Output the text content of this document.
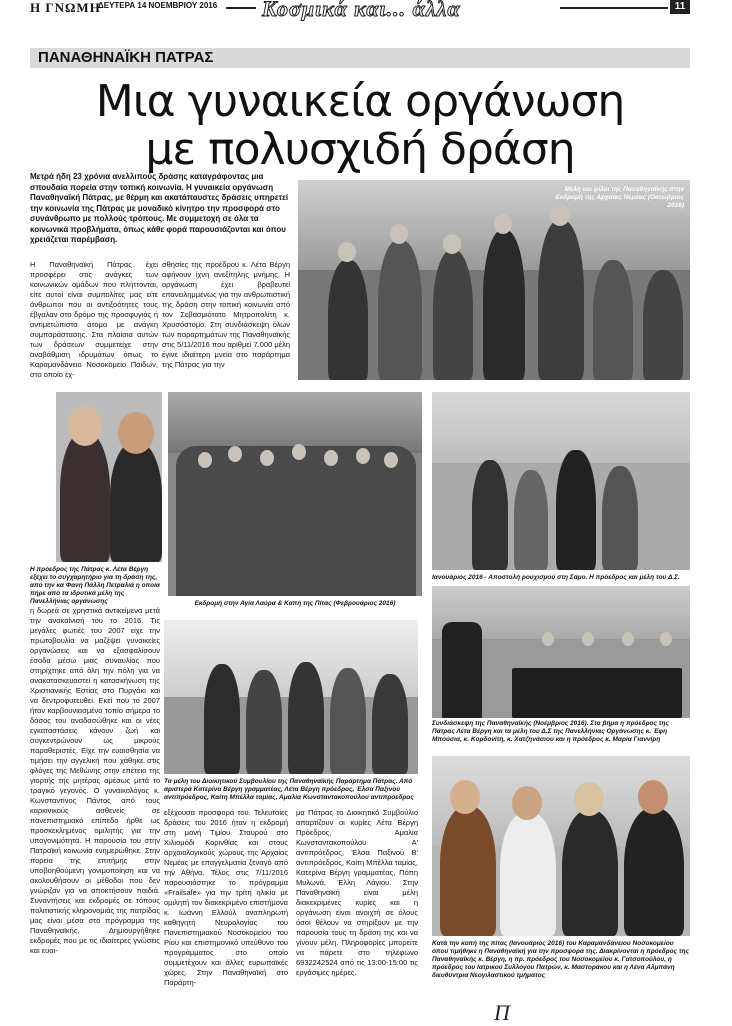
Η ΓΝΩΜΗ
ΔΕΥΤΕΡΑ 14 ΝΟΕΜΒΡΙΟΥ 2016 Κοσμικά και... άλλα	11
ΠΑΝΑΘΗΝΑΪΚΗ ΠΑΤΡΑΣ
Μια γυναικεία οργάνωση
με πολυσχιδή δράση
Μετρά ήδη 23 χρόνια ανελλιπούς δράσης καταγράφοντας μια σπουδαία πορεία στην τοπική κοινωνία. Η γυναικεία οργάνωση Παναθηναϊκή Πάτρας, με θέρμη και ακατάπαυστες δράσεις υπηρετεί την κοινωνία της Πάτρας με μοναδικό κίνητρο την προσφορά στο συνάνθρωπο με πολλούς τρόπους. Με συμμετοχή σε όλα τα κοινωνικά προβλήματα, όπως κάθε φορά παρουσιάζονται και όπου χρειάζεται παρέμβαση.
Η Παναθηναϊκή Πάτρας έχει προσφέρει στις ανάγκες των κοινωνικών ομάδων που πλήττονται, είτε αυτοί είναι συμπολίτες μας είτε άνθρωποι που οι αντιξοότητες τους έβγαλαν στο δρόμο της προσφυγιάς ή αντιμετώπιστα άτομα με ανάγκη συμπαράστασης. Στα πλαίσια αυτών των δράσεων συμμετείχε στην αναβάθμιση ιδρυμάτων όπως το Καραμανδάνειο Νοσοκομείο Παίδων, στο οποίο έχ-
σθησίες της προέδρου κ. Λέτα Βέργη αφήνουν ίχνη ανεξίτηλης μνήμης. Η οργάνωση έχει βραβευτεί επανειλημμένως για την ανθρωπιστική της δράση στην τοπική κοινωνία από τον Σεβασμιότατο Μητροπολίτη κ. Χρυσόστομο. Στη συνδιάσκεψη όλων των παραρτημάτων της Παναθηναϊκής στις 5/11/2016 που αριθμεί 7.000 μέλη έγινε ιδιαίτερη μνεία στο παράρτημα της Πάτρας για την
Μέλη και φίλοι της Παναθηναϊκής στην Εκδρομή της Αρχαίας Νεμέας (Οκτώβριος 2016)
Η πρόεδρος της Πάτρας κ. Λέτα Βέργη εξέχει το συγχαρητήριο για τη δράση της, από την κα Φανή Πάλλη Πετραλιά η οποία πήρε από τα ιδρυτικά μέλη της Πανελλήνιας οργάνωσης	Εκδρομή στην Αγία Λαύρα & Καπή της Πίτας (Φεβρουάριος 2016)
Ιανουάριος 2016 - Αποστολή ρουχισμού στη Σάμο. Η πρόεδρος και μέλη του Δ.Σ.
η δωρεά σε χρηστικά αντικείμενα μετά την ανακαίνισή του το 2016. Τις μεγάλες φωτιές του 2007 είχε την πρωτοβουλία να μαζέψει γυναικείες οργανώσεις και να εξασφαλίσουν έσοδα μέσω μιας συναυλίας που στηρίχτηκε από όλη την πόλη για να ανακατασκευαστεί η κατασκήνωση της Χριστιανικής Εστίας στο Πυργάκι και να δεντροφυτευθεί. Εκεί που το 2007 ήταν καρβουνιασμένο τοπίο σήμερα το δάσος του αναδασώθηκε και οι νέες εγκαταστάσεις κάνουν ζωή και συγκεντρώνουν ως μικρούς παραθεριστές. Είχε την ευαισθησία να τιμήσει την αγγελική που χάθηκε στις φλόγες της Μεθώνης στην επέτειο της γιορτής της μητέρας αμέσως μετά το τραγικό γεγονός. Ο γυναικολόγος κ. Κωνσταντίνος Πάντος από τους καρκινικούς ασθενείς σε πανεπιστημιακό επίπεδο ήρθε ως προσκεκλημένος ομιλητής για την υπογονιμότητα. Η παρουσία του στην Πατραϊκή κοινωνία ενημερώθηκε. Στην πορεία της επιτήμης στην υποβοηθούμενη γονιμοποίηση και να ακολουθήσουν οι μέθοδοι που δεν γνώριζαν για να αποκτήσουν παιδιά. Συναντήσεις και εκδρομές σε τόπους πολιτιστικής κληρονομιάς της πατρίδας μας είναι μέσα στο πρόγραμμα της Παναθηναϊκής. Δημιουργήθηκε εκδρομές που με τις ιδιαίτερες γνώσεις και ευαι-
Τα μέλη του Διοικητικού Συμβουλίου της Παναθηναϊκής Παράρτημα Πάτρας. Από αριστερά Κατερίνα Βέργη γραμματέας, Λέτα Βέργη πρόεδρος, Έλσα Παξινού αντιπρόεδρος, Καίτη Μπέλλα ταμίας, Αμαλία Κωνσταντακοπούλου αντιπρόεδρος
Συνδιάσκεψη της Παναθηναϊκής (Νοέμβριος 2016). Στο βήμα η πρόεδρος της Πάτρας Λέτα Βέργη και τα μέλη του Δ.Σ της Πανελλήνιας Οργάνωσης κ. Έφη Μπούσια, κ. Κορδονίτη, κ. Χατζηνάσιου και η πρόεδρος κ. Μαρία Γιαννίρη
εξέχουσα προσφορά του. Τελευταίες δράσεις του 2016 ήταν η εκδρομή στη μονή Τιμίου Σταυρού στο Χιλιομόδι Κορινθίας και στους αρχαιολογικούς χώρους της Αρχαίας Νεμέας με επαγγελματία ξεναγό από την Αθήνα. Τέλος στις 7/11/2016 παρουσιάστηκε το πρόγραμμα «Frailsafe» για την τρίτη ηλικία με ομιλητή τον διακεκριμένο επιστήμονα κ. Ιωάννη Ελλούλ αναπληρωτή καθηγητή Νευρολογίας του Πανεπιστημιακού Νοσοκομείου του Ρίου και επιστημονικό υπεύθυνο του προγράμματος στο οποίο συμμετέχουν και άλλες ευρωπαϊκές χώρες. Στην Παναθηναϊκή στο Παράρτη-
μα Πάτρας το Διοικητικό Συμβούλιο απαρτίζουν οι κυρίες Λέτα Βέργη Πρόεδρος, Αμαλία Κωνσταντακοπούλου Α' αντιπρόεδρος, Έλσα Παξινού Β' αντιπρόεδρος, Καίτη Μπέλλα ταμίας, Κατερίνα Βέργη γραμματέας, Πόπη Μυλωνά, Έλλη Λάγιου. Στην Παναθηναϊκή είναι μέλη διακεκριμένες κυρίες και η οργάνωση είναι ανοιχτή σε όλους όσοι θέλουν να στηρίξουν με την παρουσία τους τη δράση της και να γίνουν μέλη. Πληροφορίες μπορείτε να πάρετε στο τηλέφωνο 6932242524 από τις 13:00-15:00 τις εργάσιμες ημέρες.
Κατά την κοπή της πίτας (Ιανουάριος 2016) του Καραμανδάνειου Νοσοκομείου όπου τιμήθηκε η Παναθηναϊκή για την προσφορά της. Διακρίνονται η πρόεδρος της Παναθηναϊκής κ. Βέργη, η πρ. πρόεδρος του Νοσοκομείου κ. Γατσοπούλου, η πρόεδρος του Ιατρικού Συλλόγου Πατρών, κ. Μαστοράκου και η Λένα Αλμπάνη διευθύντρια Νεογιλαστικού τμήματος
Π
